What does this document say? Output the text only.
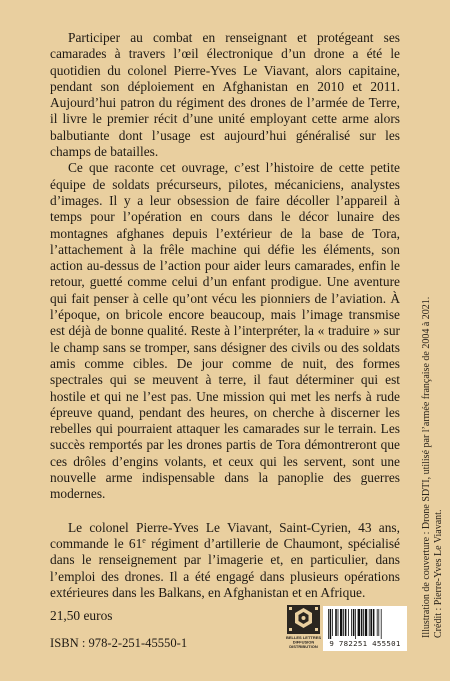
Participer au combat en renseignant et protégeant ses camarades à travers l’œil électronique d’un drone a été le quotidien du colonel Pierre-Yves Le Viavant, alors capitaine, pendant son déploiement en Afghanistan en 2010 et 2011. Aujourd’hui patron du régiment des drones de l’armée de Terre, il livre le premier récit d’une unité employant cette arme alors balbutiante dont l’usage est aujourd’hui généralisé sur les champs de batailles.

Ce que raconte cet ouvrage, c’est l’histoire de cette petite équipe de soldats précurseurs, pilotes, mécaniciens, analystes d’images. Il y a leur obsession de faire décoller l’appareil à temps pour l’opération en cours dans le décor lunaire des montagnes afghanes depuis l’extérieur de la base de Tora, l’attachement à la frêle machine qui défie les éléments, son action au-dessus de l’action pour aider leurs camarades, enfin le retour, guetté comme celui d’un enfant prodigue. Une aventure qui fait penser à celle qu’ont vécu les pionniers de l’aviation. À l’époque, on bricole encore beaucoup, mais l’image transmise est déjà de bonne qualité. Reste à l’interpréter, la « traduire » sur le champ sans se tromper, sans désigner des civils ou des soldats amis comme cibles. De jour comme de nuit, des formes spectrales qui se meuvent à terre, il faut déterminer qui est hostile et qui ne l’est pas. Une mission qui met les nerfs à rude épreuve quand, pendant des heures, on cherche à discerner les rebelles qui pourraient attaquer les camarades sur le terrain. Les succès remportés par les drones partis de Tora démontreront que ces drôles d’engins volants, et ceux qui les servent, sont une nouvelle arme indispensable dans la panoplie des guerres modernes.

Le colonel Pierre-Yves Le Viavant, Saint-Cyrien, 43 ans, commande le 61e régiment d’artillerie de Chaumont, spécialisé dans le renseignement par l’imagerie et, en particulier, dans l’emploi des drones. Il a été engagé dans plusieurs opérations extérieures dans les Balkans, en Afghanistan et en Afrique.

21,50 euros
ISBN : 978-2-251-45550-1	BELLES LETTRES
DIFFUSION
DISTRIBUTION	9 782251 455501
Illustration de couverture : Drone SDTI, utilisé par l’armée française de 2004 à 2021. Crédit : Pierre-Yves Le Viavant.
